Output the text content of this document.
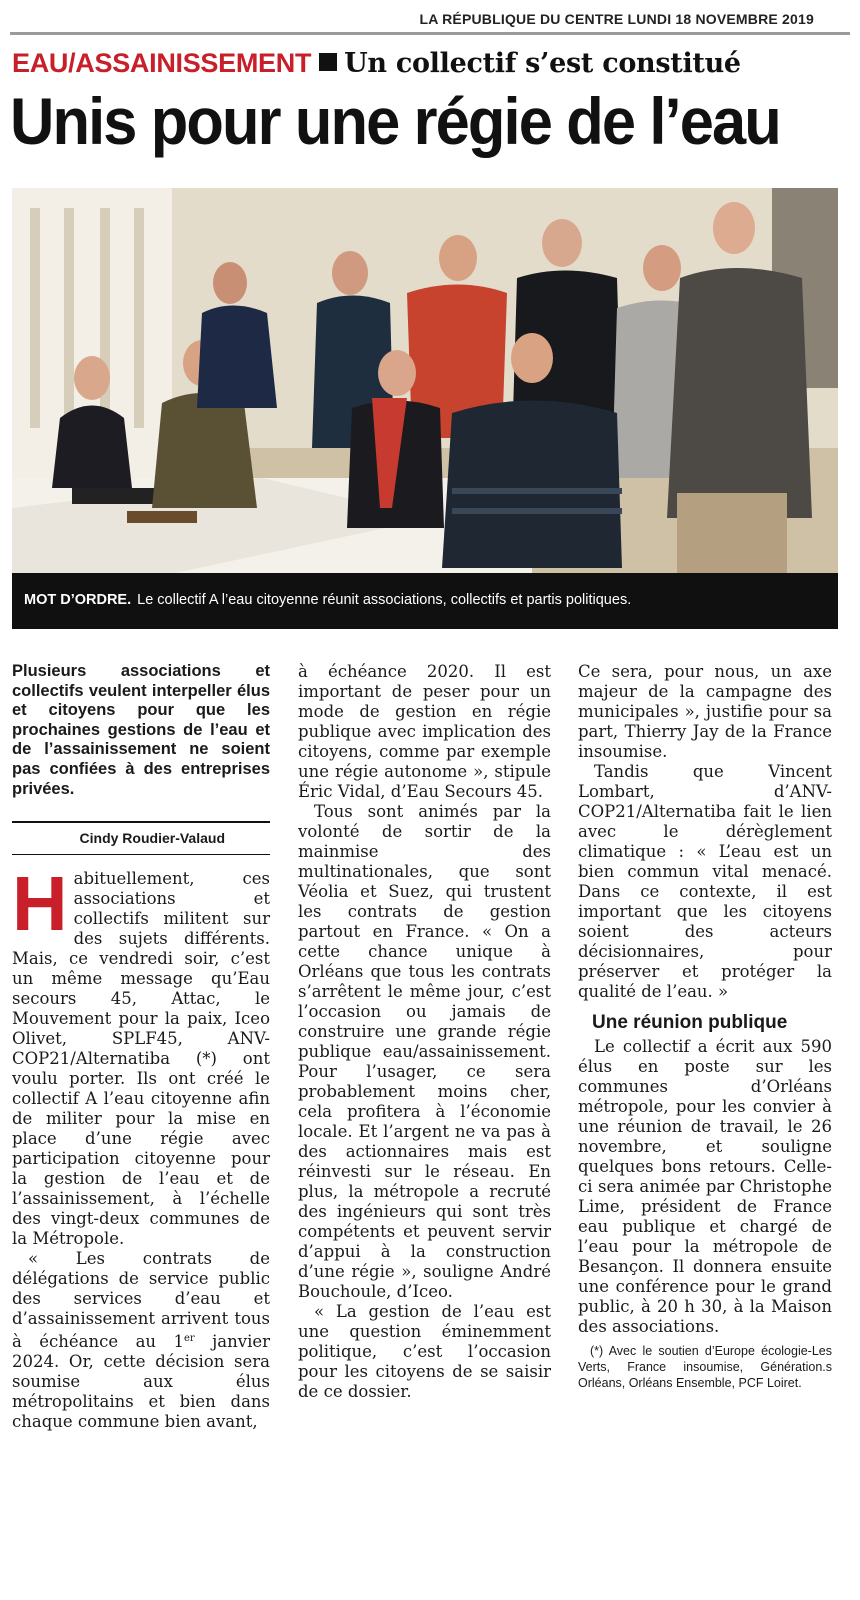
LA RÉPUBLIQUE DU CENTRE LUNDI 18 NOVEMBRE 2019
EAU/ASSAINISSEMENT Un collectif s’est constitué
Unis pour une régie de l’eau
MOT D’ORDRE. Le collectif A l’eau citoyenne réunit associations, collectifs et partis politiques.
Plusieurs associations et collectifs veulent interpeller élus et citoyens pour que les prochaines gestions de l’eau et de l’assainissement ne soient pas confiées à des entreprises privées.
Cindy Roudier-Valaud

Habituellement, ces associations et collectifs militent sur des sujets différents. Mais, ce vendredi soir, c’est un même message qu’Eau secours 45, Attac, le Mouvement pour la paix, Iceo Olivet, SPLF45, ANV-COP21/Alternatiba (*) ont voulu porter. Ils ont créé le collectif A l’eau citoyenne afin de militer pour la mise en place d’une régie avec participation citoyenne pour la gestion de l’eau et de l’assainissement, à l’échelle des vingt-deux communes de la Métropole.

« Les contrats de délégations de service public des services d’eau et d’assainissement arrivent tous à échéance au 1er janvier 2024. Or, cette décision sera soumise aux élus métropolitains et bien dans chaque commune bien avant,

à échéance 2020. Il est important de peser pour un mode de gestion en régie publique avec implication des citoyens, comme par exemple une régie autonome », stipule Éric Vidal, d’Eau Secours 45.

Tous sont animés par la volonté de sortir de la mainmise des multinationales, que sont Véolia et Suez, qui trustent les contrats de gestion partout en France. « On a cette chance unique à Orléans que tous les contrats s’arrêtent le même jour, c’est l’occasion ou jamais de construire une grande régie publique eau/assainissement. Pour l’usager, ce sera probablement moins cher, cela profitera à l’économie locale. Et l’argent ne va pas à des actionnaires mais est réinvesti sur le réseau. En plus, la métropole a recruté des ingénieurs qui sont très compétents et peuvent servir d’appui à la construction d’une régie », souligne André Bouchoule, d’Iceo.

« La gestion de l’eau est une question éminemment politique, c’est l’occasion pour les citoyens de se saisir de ce dossier.

Ce sera, pour nous, un axe majeur de la campagne des municipales », justifie pour sa part, Thierry Jay de la France insoumise.

Tandis que Vincent Lombart, d’ANV-COP21/Alternatiba fait le lien avec le dérèglement climatique : « L’eau est un bien commun vital menacé. Dans ce contexte, il est important que les citoyens soient des acteurs décisionnaires, pour préserver et protéger la qualité de l’eau. »

Une réunion publique

Le collectif a écrit aux 590 élus en poste sur les communes d’Orléans métropole, pour les convier à une réunion de travail, le 26 novembre, et souligne quelques bons retours. Celle-ci sera animée par Christophe Lime, président de France eau publique et chargé de l’eau pour la métropole de Besançon. Il donnera ensuite une conférence pour le grand public, à 20 h 30, à la Maison des associations.

(*) Avec le soutien d’Europe écologie-Les Verts, France insoumise, Génération.s Orléans, Orléans Ensemble, PCF Loiret.
